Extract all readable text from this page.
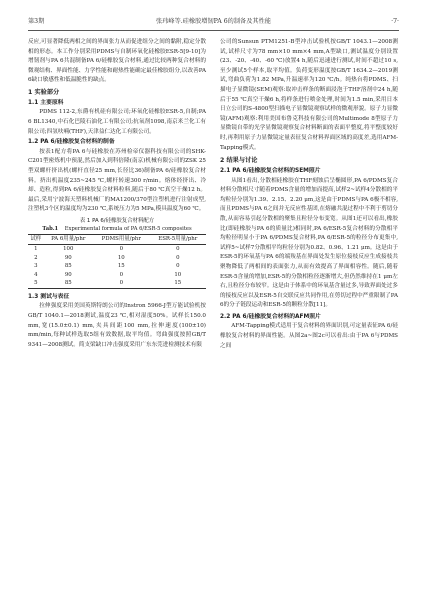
第3期	张玮峰等.硅橡胶增韧PA 6的制备及其性能	·7·

反应,可显著降低两相之间的界面张力从而促进组分之间的黏附,稳定分散相的形态。本工作分别采用PDMS与自制环氧化硅橡胶ESR-5[9-10]为增韧剂与PA 6共混制备PA 6/硅橡胶复合材料,通过比较两种复合材料的微观结构、界面性能、力学性能和耐热性能确定最佳橡胶组分,以改善PA 6缺口敏感性和低温脆性的缺点。

1 实验部分
1.1 主要原料

PDMS 112-2,东爵有机硅有限公司;环氧化硅橡胶ESR-5,自制;PA 6 BL1340,中石化巴陵石油化工有限公司;抗氧剂1098,南京米兰化工有限公司;四氢呋喃(THF),天津益仁达化工有限公司。

1.2 PA 6/硅橡胶复合材料的制备

按表1配方将PA 6与硅橡胶在苏州检帝仪器科技有限公司的SHK-C201型密炼机中预混,然后加入到科倍隆(南京)机械有限公司的ZSK 25型双螺杆挤出机(螺杆直径25 mm,长径比36)制备PA 6/硅橡胶复合材料。挤出机温度235~245 ℃,螺杆转速300 r/min。熔体经挤出、冷却、造粒,得到PA 6/硅橡胶复合材料粒料,随后于80 ℃真空干燥12 h。最后,采用宁波海天塑料机械厂的MA1200/370型注塑机进行注射成型,注塑机3个区的温度均为230 ℃,系统压力为5 MPa,模具温度为60 ℃。

表 1 PA 6/硅橡胶复合材料配方
Tab.1 Experimental formula of PA 6/ESR-5 composites
试样	PA 6用量/phr	PDMS用量/phr	ESR-5用量/phr
1	100	0	0
2	90	10	0
3	85	15	0
4	90	0	10
5	85	0	15
1.3 测试与表征

拉伸强度采用美国英斯特朗公司的Instron 5966-J型万能试验机按GB/T 1040.1—2018测试,温度23 ℃,相对湿度50%。试样长150.0 mm,宽(15.0±0.1) mm,夹具间距100 mm,拉伸速度(100±10) mm/min,每种试样选取5组有效数据,取平均值。弯曲强度按照GB/T 9341—2008测试。简支梁缺口冲击强度采用广东东莞进检测技术有限

公司的Sunsun PTM1251-B型冲击试验机按GB/T 1043.1—2008测试,试样尺寸为78 mm×10 mm×4 mm,A型缺口,测试温度分别设置(23、-20、-40、-60 ℃)放置4 h,随后迅速进行测试,时间不超过10 s,至少测试5个样本,取平均值。负荷变形温度按GB/T 1634.2—2019测试,弯曲负荷为1.82 MPa,升温速率为120 ℃/h。纯热台将PDMS、扫描电子显微镜(SEM)观察:取冲击样条的断面浸泡于THF溶剂中24 h,随后于55 ℃真空干燥6 h,将样条进行喷金处理,时间为1.5 min,采用日本日立公司的S-4800型扫描电子显微镜观察试样的微观形貌。原子力显微镜(AFM)观察:利用美国布鲁克科技有限公司的Multimode 8型原子力显微镜自带的光学显微镜观察复合材料断面的表面平整度,将平整度较好时,再利用原子力显微镜定量表征复合材料界面区域的高度差,选用AFM-Tapping模式。

2 结果与讨论
2.1 PA 6/硅橡胶复合材料的SEM照片

从图1看出,分散相硅橡胶在THF刻蚀后呈椭圆形,PA 6/PDMS复合材料分散相尺寸随着PDMS含量的增加而提高,试样2~试样4分散相的平均粒径分别为1.39、2.15、2.20 μm,这是由于PDMS与PA 6极不相容,而且PDMS与PA 6之间并无反应性基团,在熔融共混过程中不利于剪切分散,从而容易引起分散相的聚集且粒径分布变宽。从图1还可以看出,橡胶比(即硅橡胶与PA 6的质量比)相同时,PA 6/ESR-5复合材料的分散相平均粒径明显小于PA 6/PDMS复合材料,PA 6/ESR-5的粒径分布更集中,试样5~试样7分散相平均粒径分别为0.82、0.96、1.21 μm。这是由于ESR-5的环氧基与PA 6的端羧基在界面处发生原位接枝反应生成接枝共聚物降低了两相间的表面张力,从而有效提高了界面相容性。随后,随着ESR-5含量的增加,ESR-5的分散相粒径逐渐增大,但仍然维持在1 μm左右,且粒径分布较窄。这是由于体系中的环氧基含量过多,导致界面处过多的接枝反应以及ESR-5自交联反应共同作用,在剪切过程中严重限制了PA 6的分子链段运动和ESR-5的颗粒分散[11]。

2.2 PA 6/硅橡胶复合材料的AFM照片

AFM-Tapping模式适用于复合材料的界面识别,可定量表征PA 6/硅橡胶复合材料的界面性能。从图2a~图2c可以看出:由于PA 6与PDMS之间
